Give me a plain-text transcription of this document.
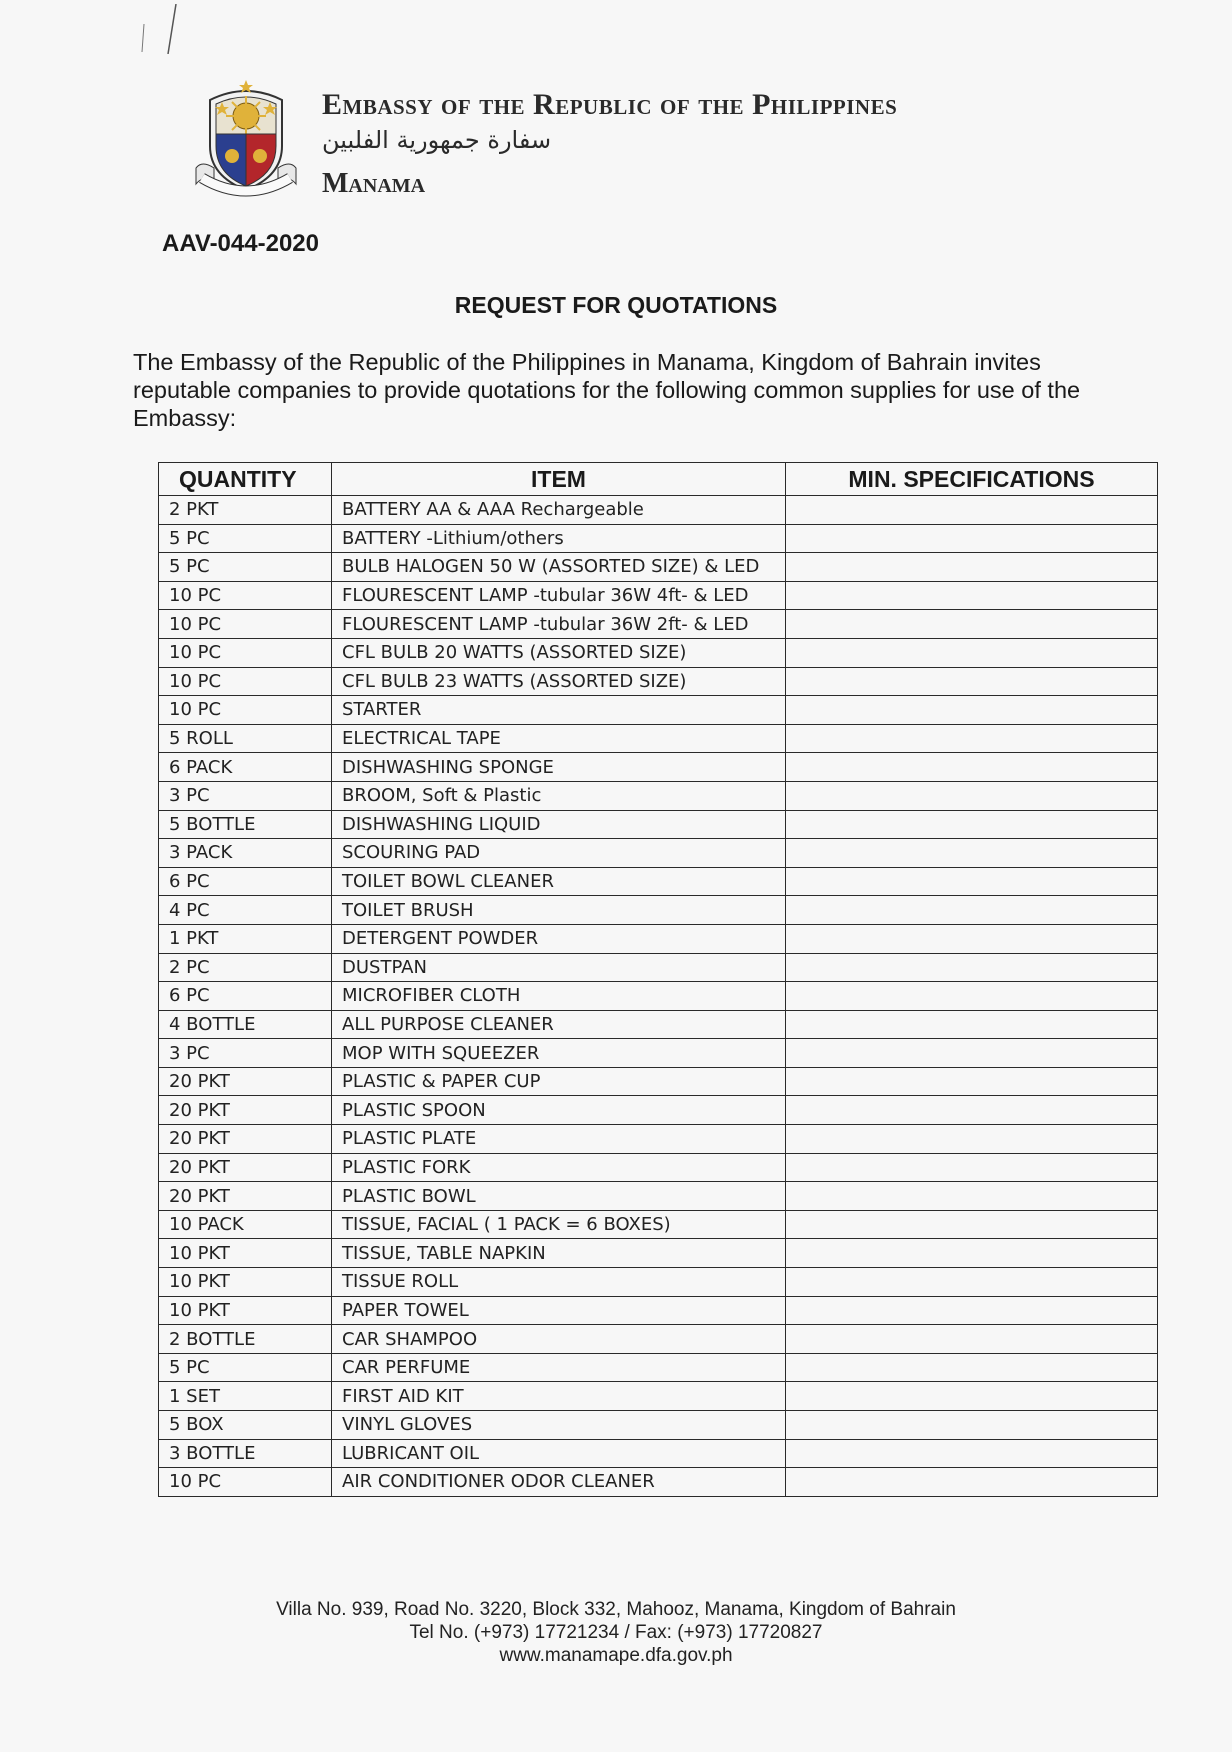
Embassy of the Republic of the Philippines
سفارة جمهورية الفلبين
Manama
AAV-044-2020
REQUEST FOR QUOTATIONS
The Embassy of the Republic of the Philippines in Manama, Kingdom of Bahrain invites reputable companies to provide quotations for the following common supplies for use of the Embassy:
QUANTITY	ITEM	MIN. SPECIFICATIONS
2 PKT	BATTERY AA & AAA Rechargeable	
5 PC	BATTERY -Lithium/others	
5 PC	BULB HALOGEN 50 W (ASSORTED SIZE) & LED	
10 PC	FLOURESCENT LAMP -tubular 36W 4ft- & LED	
10 PC	FLOURESCENT LAMP -tubular 36W 2ft- & LED	
10 PC	CFL BULB 20 WATTS (ASSORTED SIZE)	
10 PC	CFL BULB 23 WATTS (ASSORTED SIZE)	
10 PC	STARTER	
5 ROLL	ELECTRICAL TAPE	
6 PACK	DISHWASHING SPONGE	
3 PC	BROOM, Soft & Plastic	
5 BOTTLE	DISHWASHING LIQUID	
3 PACK	SCOURING PAD	
6 PC	TOILET BOWL CLEANER	
4 PC	TOILET BRUSH	
1 PKT	DETERGENT POWDER	
2 PC	DUSTPAN	
6 PC	MICROFIBER CLOTH	
4 BOTTLE	ALL PURPOSE CLEANER	
3 PC	MOP WITH SQUEEZER	
20 PKT	PLASTIC & PAPER CUP	
20 PKT	PLASTIC SPOON	
20 PKT	PLASTIC PLATE	
20 PKT	PLASTIC FORK	
20 PKT	PLASTIC BOWL	
10 PACK	TISSUE, FACIAL ( 1 PACK = 6 BOXES)	
10 PKT	TISSUE, TABLE NAPKIN	
10 PKT	TISSUE ROLL	
10 PKT	PAPER TOWEL	
2 BOTTLE	CAR SHAMPOO	
5 PC	CAR PERFUME	
1 SET	FIRST AID KIT	
5 BOX	VINYL GLOVES	
3 BOTTLE	LUBRICANT OIL	
10 PC	AIR CONDITIONER ODOR CLEANER	
Villa No. 939, Road No. 3220, Block 332, Mahooz, Manama, Kingdom of Bahrain
Tel No. (+973) 17721234 / Fax: (+973) 17720827
www.manamape.dfa.gov.ph
